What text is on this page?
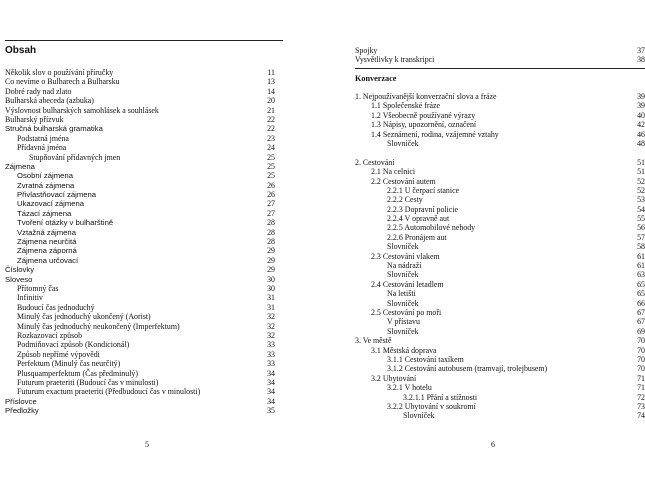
Obsah
Několik slov o používání příručky	11
Co nevíme o Bulharech a Bulharsku	13
Dobré rady nad zlato	14
Bulharská abeceda (azbuka)	20
Výslovnost bulharských samohlásek a souhlásek	21
Bulharský přízvuk	22
Stručná bulharská gramatika	22
Podstatná jména	23
Přídavná jména	24
Stupňování přídavných jmen	25
Zájmena	25
Osobní zájmena	25
Zvratná zájmena	26
Přivlastňovací zájmena	26
Ukazovací zájmena	27
Tázací zájmena	27
Tvoření otázky v bulharštině	28
Vztažná zájmena	28
Zájmena neurčitá	28
Zájmena záporná	29
Zájmena určovací	29
Číslovky	29
Sloveso	30
Přítomný čas	30
Infinitiv	31
Budoucí čas jednoduchý	31
Minulý čas jednoduchý ukončený (Aorist)	32
Minulý čas jednoduchý neukončený (Imperfektum)	32
Rozkazovací způsob	32
Podmiňovací způsob (Kondicionál)	33
Způsob nepřímé výpovědi	33
Perfektum (Minulý čas neurčitý)	33
Plusquamperfektum (Čas předminulý)	34
Futurum praeteriti (Budoucí čas v minulosti)	34
Futurum exactum praeteriti (Předbudoucí čas v minulosti)	34
Příslovce	34
Předložky	35
5
Spojky	37
Vysvětlivky k transkripci	38
Konverzace
1. Nejpoužívanější konverzační slova a fráze	39
1.1 Společenské fráze	39
1.2 Všeobecně používané výrazy	40
1.3 Nápisy, upozornění, označení	42
1.4 Seznámení, rodina, vzájemné vztahy	46
Slovníček	48
2. Cestování	51
2.1 Na celnici	51
2.2 Cestování autem	52
2.2.1 U čerpací stanice	52
2.2.2 Cesty	53
2.2.3 Dopravní policie	54
2.2.4 V opravně aut	55
2.2.5 Automobilové nehody	56
2.2.6 Pronájem aut	57
Slovníček	58
2.3 Cestování vlakem	61
Na nádraží	61
Slovníček	63
2.4 Cestování letadlem	65
Na letišti	65
Slovníček	66
2.5 Cestování po moři	67
V přístavu	67
Slovníček	69
3. Ve městě	70
3.1 Městská doprava	70
3.1.1 Cestování taxíkem	70
3.1.2 Cestování autobusem (tramvají, trolejbusem)	70
3.2 Ubytování	71
3.2.1 V hotelu	71
3.2.1.1 Přání a stížnosti	72
3.2.2 Ubytování v soukromí	73
Slovníček	74
6
